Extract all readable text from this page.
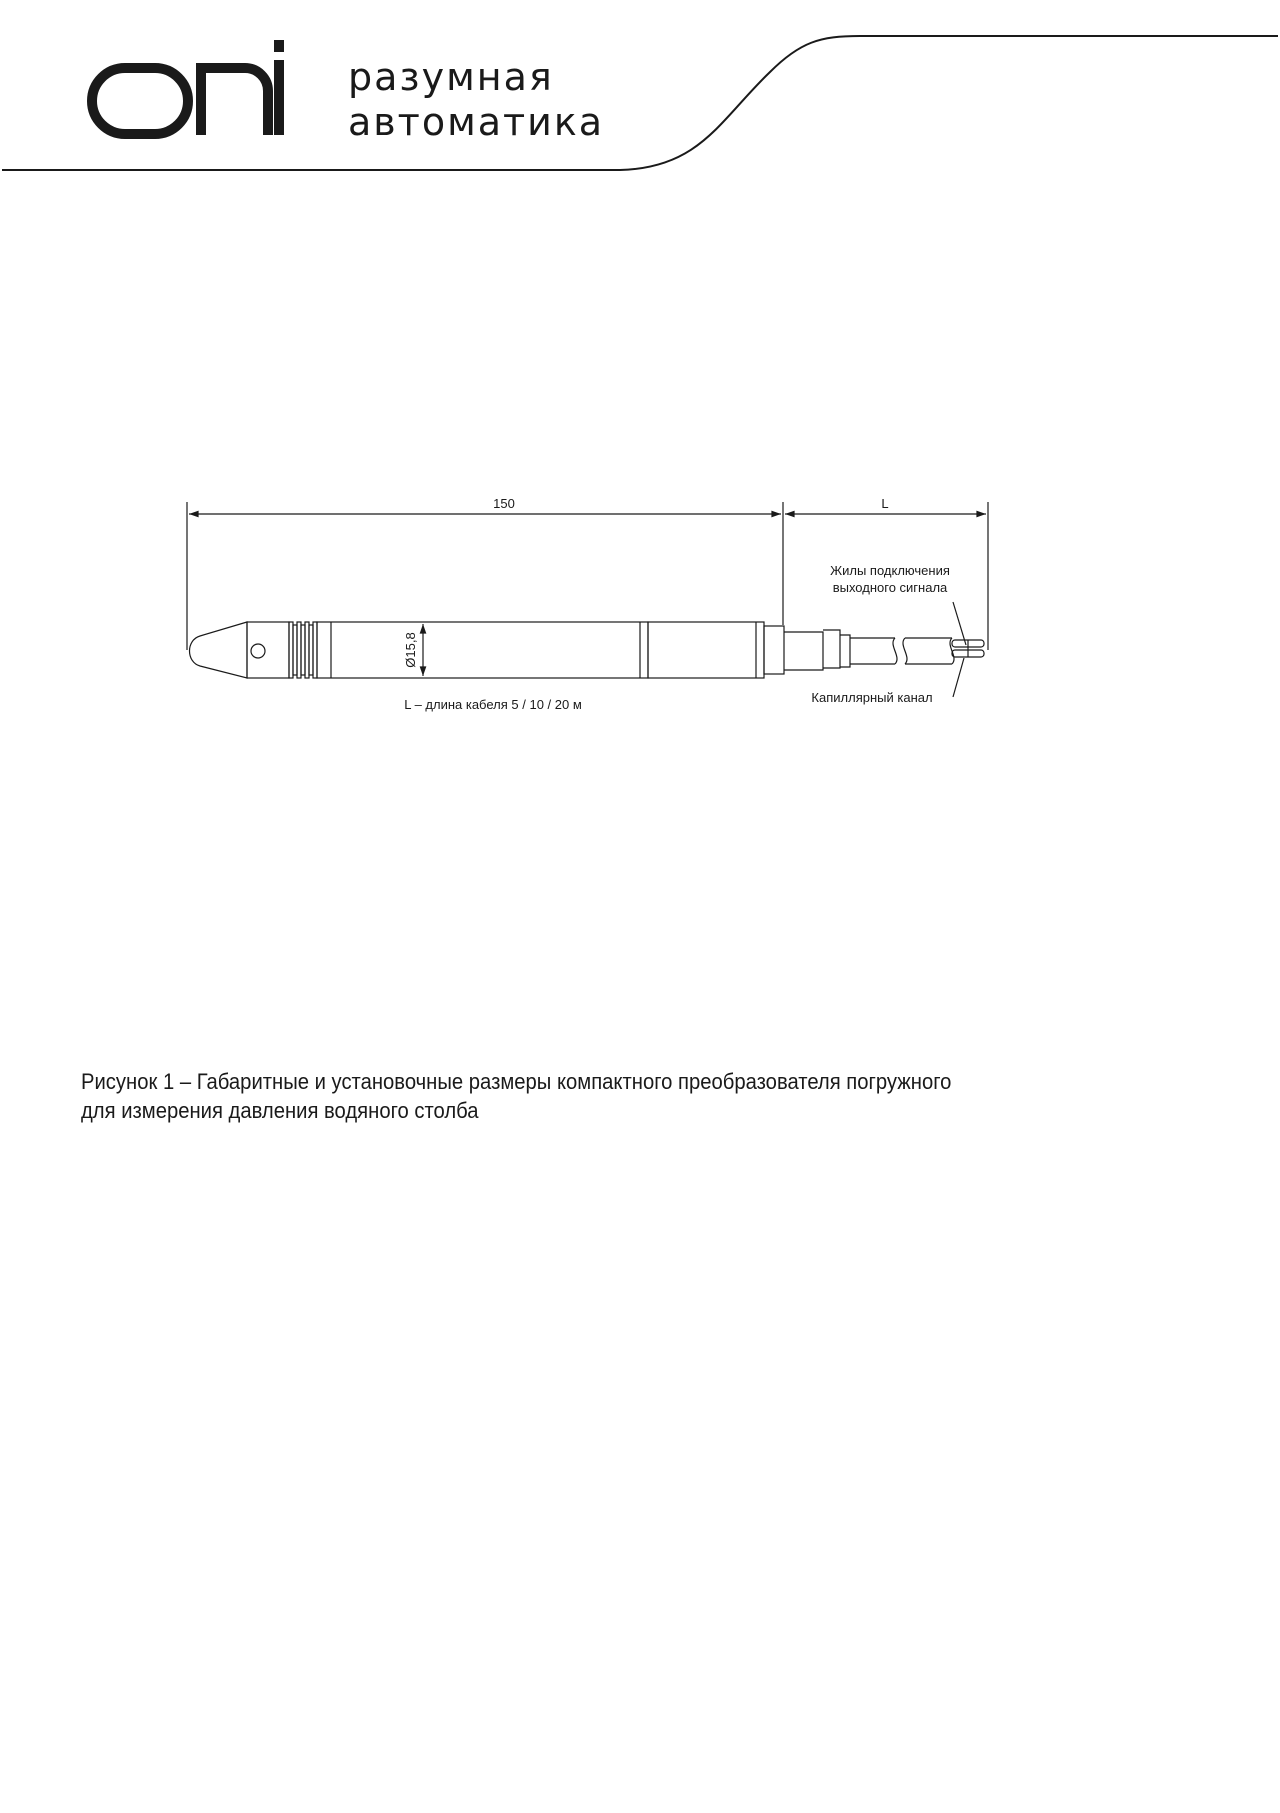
разумная
автоматика
150	L
Ø15,8
Жилы подключения
выходного сигнала
Капиллярный канал
L – длина кабеля 5 / 10 / 20 м
Рисунок 1 – Габаритные и установочные размеры компактного преобразователя погружного
для измерения давления водяного столба
